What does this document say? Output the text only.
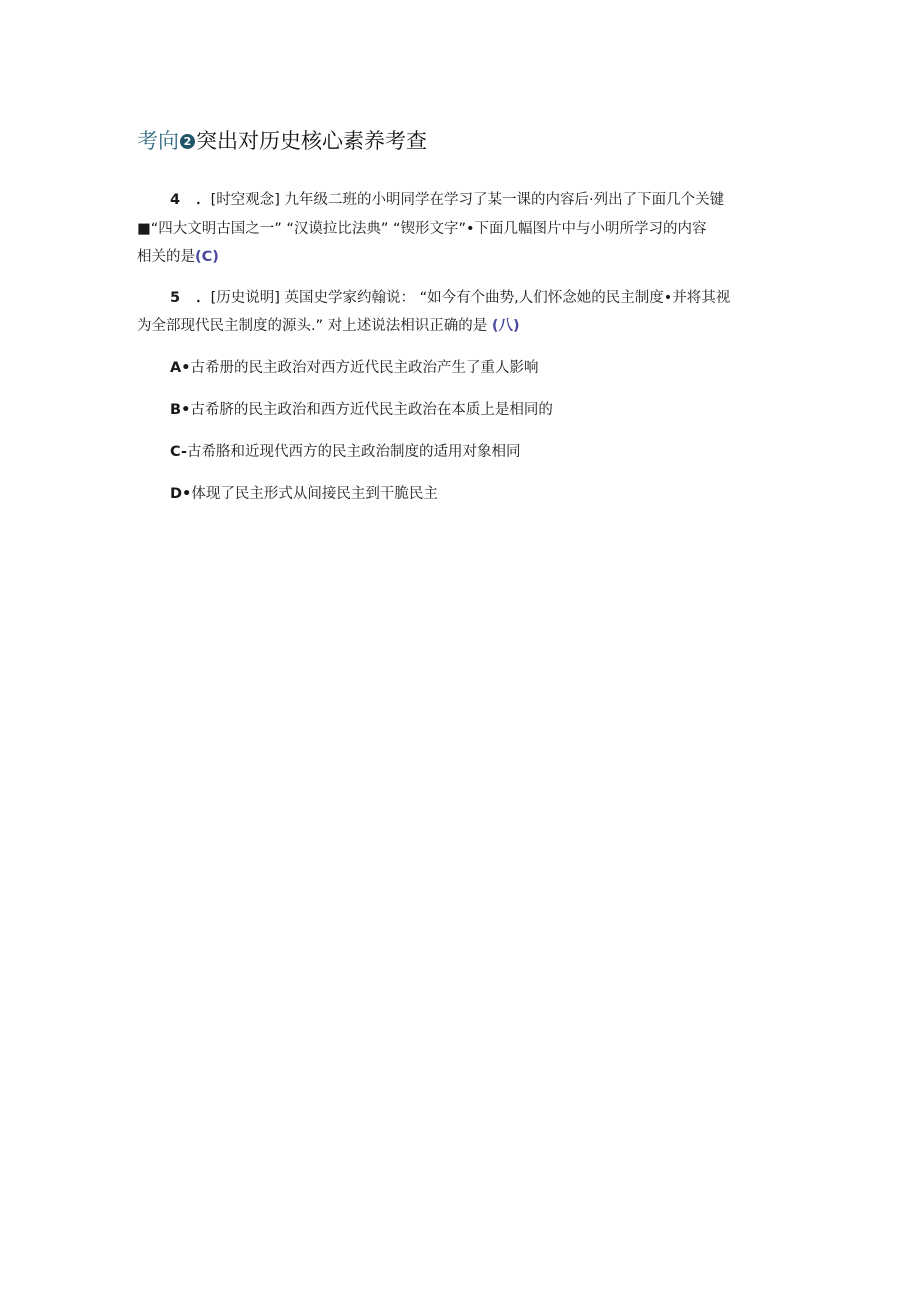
考向 2 突出对历史核心素养考查
4 ．[时空观念] 九年级二班的小明同学在学习了某一课的内容后·列出了下面几个关键
■“四大文明古国之一” “汉谟拉比法典” “锲形文字”•下面几幅图片中与小明所学习的内容
相关的是(C)
5 ．[历史说明] 英国史学家约翰说： “如今有个曲势,人们怀念她的民主制度•并将其视
为全部现代民主制度的源头.” 对上述说法相识正确的是 (八)
A•古希册的民主政治对西方近代民主政治产生了重人影响
B•古希脐的民主政治和西方近代民主政治在本质上是相同的
C-古希胳和近现代西方的民主政治制度的适用对象相同
D•体现了民主形式从间接民主到干脆民主
